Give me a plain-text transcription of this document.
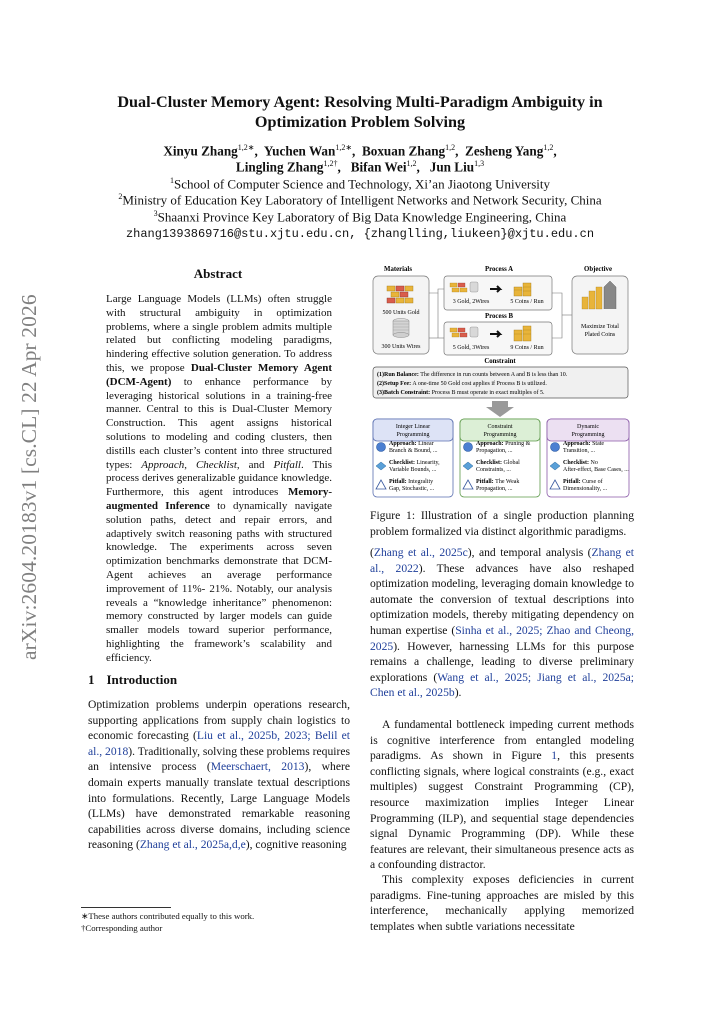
arXiv:2604.20183v1 [cs.CL] 22 Apr 2026
Dual-Cluster Memory Agent: Resolving Multi-Paradigm Ambiguity in
Optimization Problem Solving
Xinyu Zhang$^{1,2∗}$,  Yuchen Wan$^{1,2∗}$,  Boxuan Zhang$^{1,2}$,  Zesheng Yang$^{1,2}$,
Lingling Zhang$^{1,2\dagger}$,   Bifan Wei$^{1,2}$,   Jun Liu$^{1,3}$
$^1$School of Computer Science and Technology, Xi’an Jiaotong University
$^2$Ministry of Education Key Laboratory of Intelligent Networks and Network Security, China
$^3$Shaanxi Province Key Laboratory of Big Data Knowledge Engineering, China
zhang1393869716@stu.xjtu.edu.cn, {zhanglling,liukeen}@xjtu.edu.cn
Abstract
Large Language Models (LLMs) often struggle with structural ambiguity in optimization problems, where a single problem admits multiple related but conflicting modeling paradigms, hindering effective solution generation. To address this, we propose Dual-Cluster Memory Agent (DCM-Agent) to enhance performance by leveraging historical solutions in a training-free manner. Central to this is Dual-Cluster Memory Construction. This agent assigns historical solutions to modeling and coding clusters, then distills each cluster’s content into three structured types: Approach, Checklist, and Pitfall. This process derives generalizable guidance knowledge. Furthermore, this agent introduces Memory-augmented Inference to dynamically navigate solution paths, detect and repair errors, and adaptively switch reasoning paths with structured knowledge. The experiments across seven optimization benchmarks demonstrate that DCM-Agent achieves an average performance improvement of 11%- 21%. Notably, our analysis reveals a “knowledge inheritance” phenomenon: memory constructed by larger models can guide smaller models toward superior performance, highlighting the framework’s scalability and efficiency.
1 Introduction
Optimization problems underpin operations research, supporting applications from supply chain logistics to economic forecasting (Liu et al., 2025b, 2023; Belil et al., 2018). Traditionally, solving these problems requires an intensive process (Meerschaert, 2013), where domain experts manually translate textual descriptions into formulations. Recently, Large Language Models (LLMs) have demonstrated remarkable reasoning capabilities across diverse domains, including science reasoning (Zhang et al., 2025a,d,e), cognitive reasoning
∗These authors contributed equally to this work.
†Corresponding author
Materials
500 Units Gold
300 Units Wires
Process A
3 Gold, 2Wires	5 Coins / Run
Process B
5 Gold, 3Wires	9 Coins / Run
Objective
Maximize Total
Plated Coins
Constraint
(1)Run Balance: The difference in run counts between A and B is less than 10.
(2)Setup Fee: A one-time 50 Gold cost applies if Process B is utilized.
(3)Batch Constraint: Process B must operate in exact multiples of 5.
Integer Linear
Programming
Constraint
Programming
Dynamic
Programming
Approach: Linear
Branch & Bound, ...
Checklist: Linearity,
Variable Bounds, ...
Pitfall: Integrality
Gap, Stochastic, ...
Approach: Pruning &
Propagation, ...
Checklist: Global
Constraints, ...
Pitfall: The Weak
Propagation, ...
Approach: State
Transition, ...
Checklist: No
After-effect, Base Cases, ...
Pitfall: Curse of
Dimensionality, ...
Figure 1: Illustration of a single production planning problem formalized via distinct algorithmic paradigms.
(Zhang et al., 2025c), and temporal analysis (Zhang et al., 2022). These advances have also reshaped optimization modeling, leveraging domain knowledge to automate the conversion of textual descriptions into optimization models, thereby mitigating dependency on human expertise (Sinha et al., 2025; Zhao and Cheong, 2025). However, harnessing LLMs for this purpose remains a challenge, leading to diverse preliminary explorations (Wang et al., 2025; Jiang et al., 2025a; Chen et al., 2025b).
A fundamental bottleneck impeding current methods is cognitive interference from entangled modeling paradigms. As shown in Figure 1, this presents conflicting signals, where logical constraints (e.g., exact multiples) suggest Constraint Programming (CP), resource maximization implies Integer Linear Programming (ILP), and sequential stage dependencies signal Dynamic Programming (DP). While these features are relevant, their simultaneous presence acts as a confounding distractor.
This complexity exposes deficiencies in current paradigms. Fine-tuning approaches are misled by this interference, mechanically applying memorized templates when subtle variations necessitate
